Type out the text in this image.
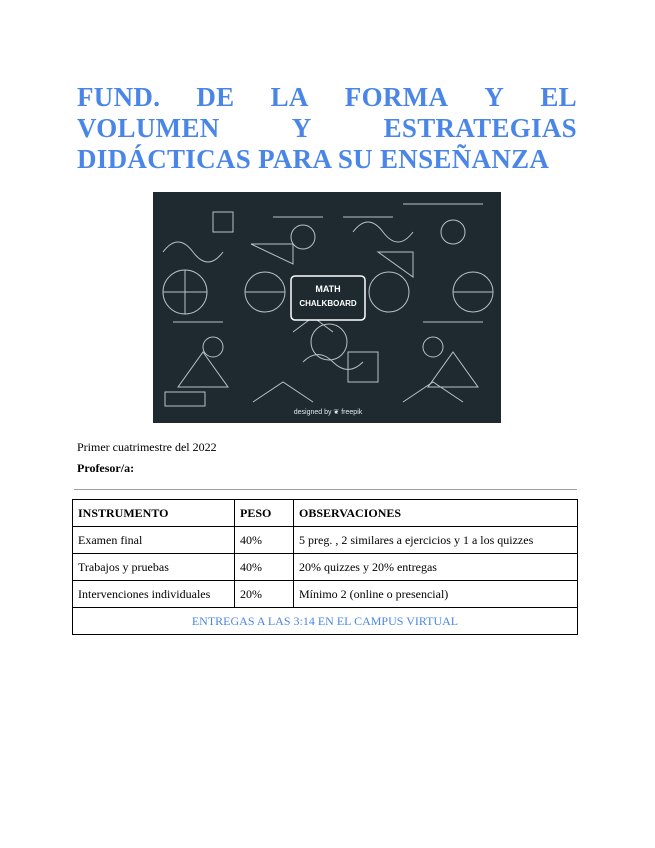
FUND. DE LA FORMA Y EL
VOLUMEN	Y	ESTRATEGIAS
DIDÁCTICAS PARA SU ENSEÑANZA
MATH
CHALKBOARD
designed by ❦ freepik
Primer cuatrimestre del 2022
Profesor/a:
INSTRUMENTO	PESO	OBSERVACIONES
Examen final	40%	5 preg. , 2 similares a ejercicios y 1 a los quizzes
Trabajos y pruebas	40%	20% quizzes y 20% entregas
Intervenciones individuales	20%	Mínimo 2 (online o presencial)
ENTREGAS A LAS 3:14 EN EL CAMPUS VIRTUAL		
